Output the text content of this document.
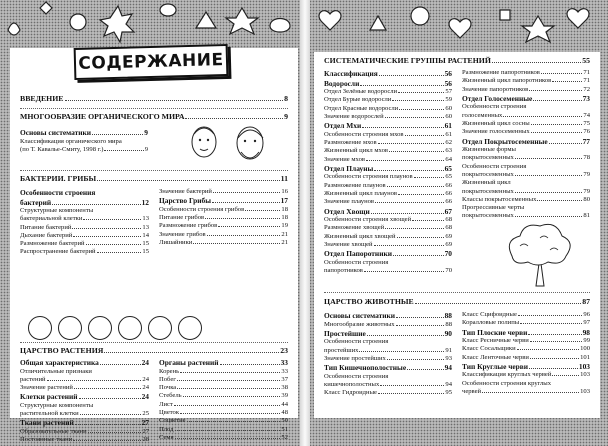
ВВЕДЕНИЕ	8
МНОГООБРАЗИЕ ОРГАНИЧЕСКОГО МИРА	9
Основы систематики	9
Классификация органического мира
(по Т. Кавалье-Смиту, 1998 г.)	9
БАКТЕРИИ. ГРИБЫ	11
Особенности строения
бактерий	12
Структурные компоненты
бактериальной клетки	13
Питание бактерий	13
Дыхание бактерий	14
Размножение бактерий	15
Распространение бактерий	15
Значение бактерий	16
Царство Грибы	17
Особенности строения грибов	18
Питание грибов	18
Размножение грибов	19
Значение грибов	21
Лишайники	21
ЦАРСТВО РАСТЕНИЯ	23
Общая характеристика	24
Отличительные признаки
растений	24
Значение растений	24
Клетки растений	24
Структурные компоненты
растительной клетки	25
Ткани растений	27
Образовательные ткани	27
Постоянные ткани	28
Органы растений	33
Корень	33
Побег	37
Почка	38
Стебель	39
Лист	44
Цветок	48
Соцветие	50
Плод	51
Семя	52
СОДЕРЖАНИЕ	СИСТЕМАТИЧЕСКИЕ ГРУППЫ РАСТЕНИЙ	55
Классификация	56
Водоросли	56
Отдел Зелёные водоросли	57
Отдел Бурые водоросли	59
Отдел Красные водоросли	60
Значение водорослей	60
Отдел Мхи	61
Особенности строения мхов	61
Размножение мхов	62
Жизненный цикл мхов	63
Значение мхов	64
Отдел Плауны	65
Особенности строения плаунов	65
Размножение плаунов	66
Жизненный цикл плаунов	66
Значение плаунов	66
Отдел Хвощи	67
Особенности строения хвощей	68
Размножение хвощей	68
Жизненный цикл хвощей	69
Значение хвощей	69
Отдел Папоротники	70
Особенности строения
папоротников	70
Размножение папоротников	71
Жизненный цикл папоротников	71
Значение папоротников	72
Отдел Голосеменные	73
Особенности строения
голосеменных	74
Жизненный цикл сосны	75
Значение голосеменных	76
Отдел Покрытосеменные	77
Жизненные формы
покрытосеменных	78
Особенности строения
покрытосеменных	79
Жизненный цикл
покрытосеменных	79
Классы покрытосеменных	80
Прогрессивные черты
покрытосеменных	81
ЦАРСТВО ЖИВОТНЫЕ	87
Основы систематики	88
Многообразие животных	88
Простейшие	90
Особенности строения
простейших	91
Значение простейших	93
Тип Кишечнополостные	94
Особенности строения
кишечнополостных	94
Класс Гидроидные	95
Класс Сцифоидные	96
Коралловые полипы	97
Тип Плоские черви	98
Класс Ресничные черви	99
Класс Сосальщики	100
Класс Ленточные черви	101
Тип Круглые черви	103
Классификация круглых червей	103
Особенности строения круглых
червей	103
